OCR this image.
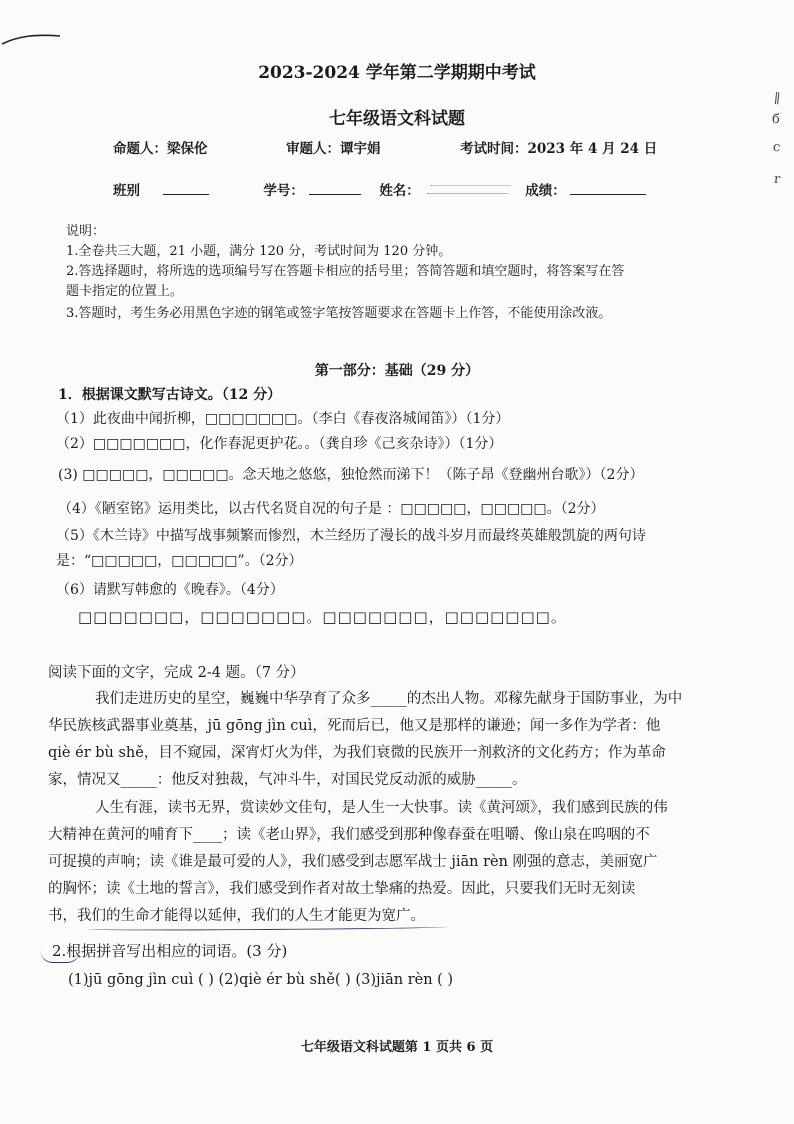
∥
б
c
r
2023-2024 学年第二学期期中考试
七年级语文科试题
命题人：梁保伦	审题人：谭宇娟	考试时间：2023 年 4 月 24 日
班别	学号：	姓名：	成绩：
说明：
1.全卷共三大题，21 小题，满分 120 分，考试时间为 120 分钟。
2.答选择题时，将所选的选项编号写在答题卡相应的括号里；答简答题和填空题时，将答案写在答
题卡指定的位置上。
3.答题时，考生务必用黑色字迹的钢笔或签字笔按答题要求在答题卡上作答，不能使用涂改液。
第一部分：基础（29 分）
1．根据课文默写古诗文。（12 分）
（1）此夜曲中闻折柳，□□□□□□□。（李白《春夜洛城闻笛》）（1分）
（2）□□□□□□□，化作春泥更护花。。（龚自珍《己亥杂诗》）（1分）
(3) □□□□□，□□□□□。念天地之悠悠，独怆然而涕下！（陈子昂《登幽州台歌》）（2分）
（4）《陋室铭》运用类比，以古代名贤自况的句子是 ：□□□□□，□□□□□。（2分）
（5）《木兰诗》中描写战事频繁而惨烈，木兰经历了漫长的战斗岁月而最终英雄般凯旋的两句诗
是：“□□□□□，□□□□□”。（2分）
（6）请默写韩愈的《晚春》。（4分）
□□□□□□□，□□□□□□□。□□□□□□□，□□□□□□□。
阅读下面的文字，完成 2-4 题。（7 分）
我们走进历史的星空，巍巍中华孕育了众多_____的杰出人物。邓稼先献身于国防事业，为中
华民族核武器事业奠基，jū gōng jìn cuì，死而后已，他又是那样的谦逊；闻一多作为学者：他
qiè ér bù shě，目不窥园，深宵灯火为伴，为我们衰微的民族开一剂救济的文化药方；作为革命
家，情况又_____：他反对独裁，气冲斗牛，对国民党反动派的威胁_____。
人生有涯，读书无界，赏读妙文佳句，是人生一大快事。读《黄河颂》，我们感到民族的伟
大精神在黄河的哺育下____；读《老山界》，我们感受到那种像春蚕在咀嚼、像山泉在呜咽的不
可捉摸的声响；读《谁是最可爱的人》，我们感受到志愿军战士 jiān rèn 刚强的意志，美丽宽广
的胸怀；读《土地的誓言》，我们感受到作者对故土挚痛的热爱。因此，只要我们无时无刻读
书，我们的生命才能得以延伸，我们的人生才能更为宽广。
2.根据拼音写出相应的词语。(3 分)
(1)jū gōng jìn cuì ( ) (2)qiè ér bù shě( ) (3)jiān rèn ( )
七年级语文科试题第 1 页共 6 页
